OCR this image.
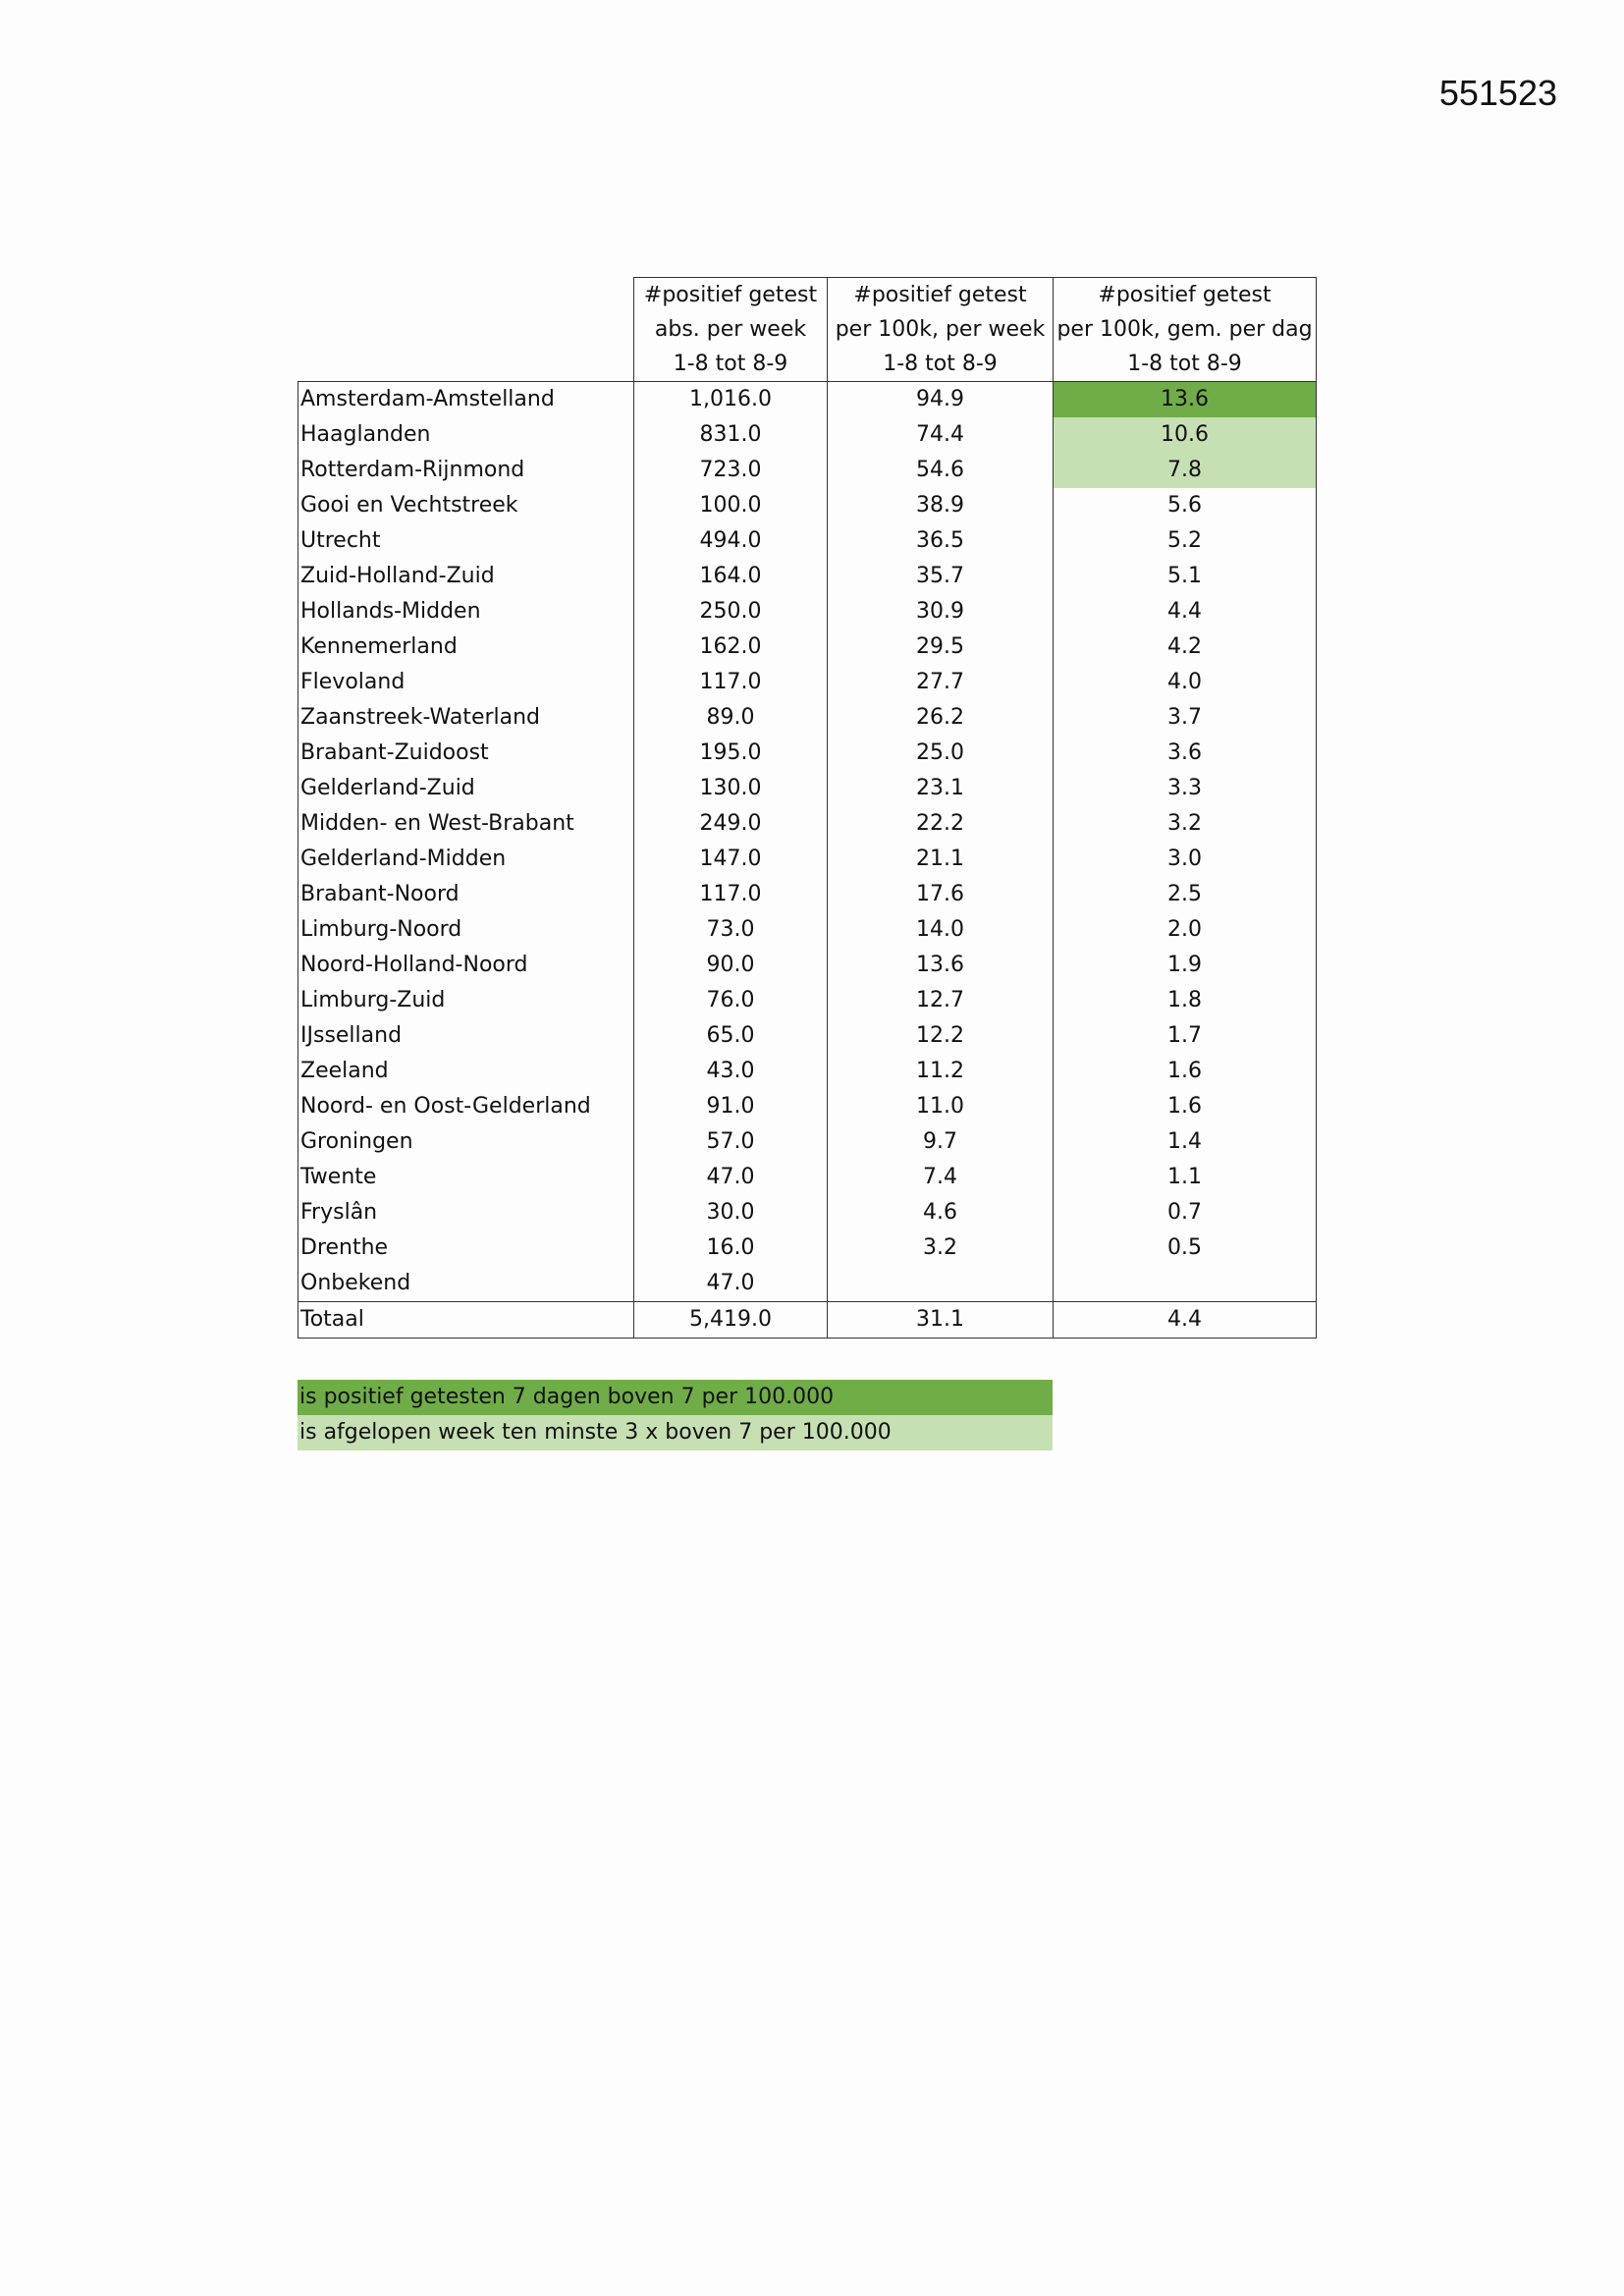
551523
	#positief getest	#positief getest	#positief getest
	abs. per week	per 100k, per week	per 100k, gem. per dag
	1-8 tot 8-9	1-8 tot 8-9	1-8 tot 8-9
Amsterdam-Amstelland	1,016.0	94.9	13.6
Haaglanden	831.0	74.4	10.6
Rotterdam-Rijnmond	723.0	54.6	7.8
Gooi en Vechtstreek	100.0	38.9	5.6
Utrecht	494.0	36.5	5.2
Zuid-Holland-Zuid	164.0	35.7	5.1
Hollands-Midden	250.0	30.9	4.4
Kennemerland	162.0	29.5	4.2
Flevoland	117.0	27.7	4.0
Zaanstreek-Waterland	89.0	26.2	3.7
Brabant-Zuidoost	195.0	25.0	3.6
Gelderland-Zuid	130.0	23.1	3.3
Midden- en West-Brabant	249.0	22.2	3.2
Gelderland-Midden	147.0	21.1	3.0
Brabant-Noord	117.0	17.6	2.5
Limburg-Noord	73.0	14.0	2.0
Noord-Holland-Noord	90.0	13.6	1.9
Limburg-Zuid	76.0	12.7	1.8
IJsselland	65.0	12.2	1.7
Zeeland	43.0	11.2	1.6
Noord- en Oost-Gelderland	91.0	11.0	1.6
Groningen	57.0	9.7	1.4
Twente	47.0	7.4	1.1
Fryslân	30.0	4.6	0.7
Drenthe	16.0	3.2	0.5
Onbekend	47.0		
Totaal	5,419.0	31.1	4.4
is positief getesten 7 dagen boven 7 per 100.000
is afgelopen week ten minste 3 x boven 7 per 100.000
